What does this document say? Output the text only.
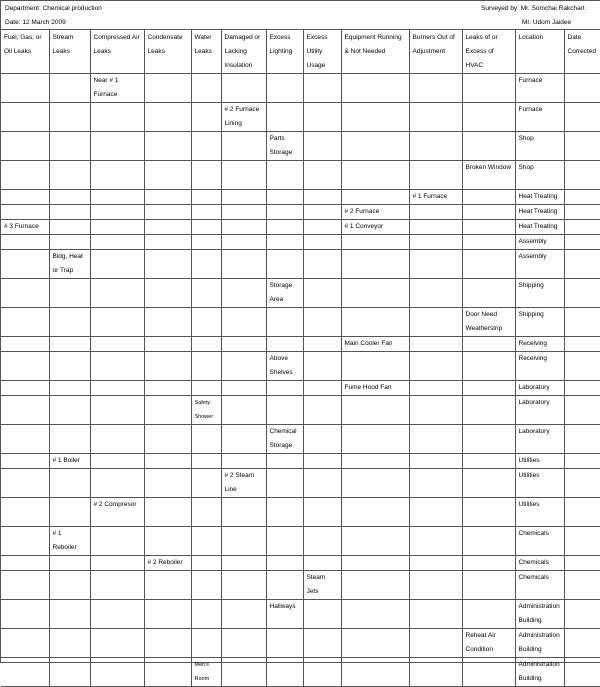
Department: Chemical production	Surveyed by: Mr. Somchai Rakchart
Date: 12 March 2009	Mr. Udom Jaidee
Fuel, Gas, or Oil Leaks	Stream Leaks	Compressed Air Leaks	Condensate Leaks	Water Leaks	Damaged or Lacking Insulation	Excess Lighting	Excess Utility Usage	Equipment Running & Not Needed	Burners Out of Adjustment	Leaks of or Excess of HVAC	Location	Date Corrected
		Near # 1 Furnace									Furnace	
					# 2 Furnace Lining						Furnace	
						Parts Storage					Shop	
										Broken Window	Shop	
									# 1 Furnace		Heat Treating	
								# 2 Furnace			Heat Treating	
# 3 Furnace								# 1 Conveyor			Heat Treating	
											Assembly	
	Bldg, Heat or Trap										Assembly	
						Storage Area					Shipping	
										Door Need Weatherstrip	Shipping	
								Main Cooler Fan			Receiving	
						Above Shelves					Receiving	
								Fume Hood Fan			Laboratory	
				Safety Shower							Laboratory	
						Chemical Storage					Laboratory	
	# 1 Boiler										Utilities	
					# 2 Steam Line						Utilities	
		# 2 Compresor									Utilities	
	# 1 Reboiler										Chemicals	
			# 2 Reboiler								Chemicals	
							Steam Jets				Chemicals	
						Hallways					Administration Building	
										Reheat Air Condition	Administration Building	
				Men's Room							Administration Building	
